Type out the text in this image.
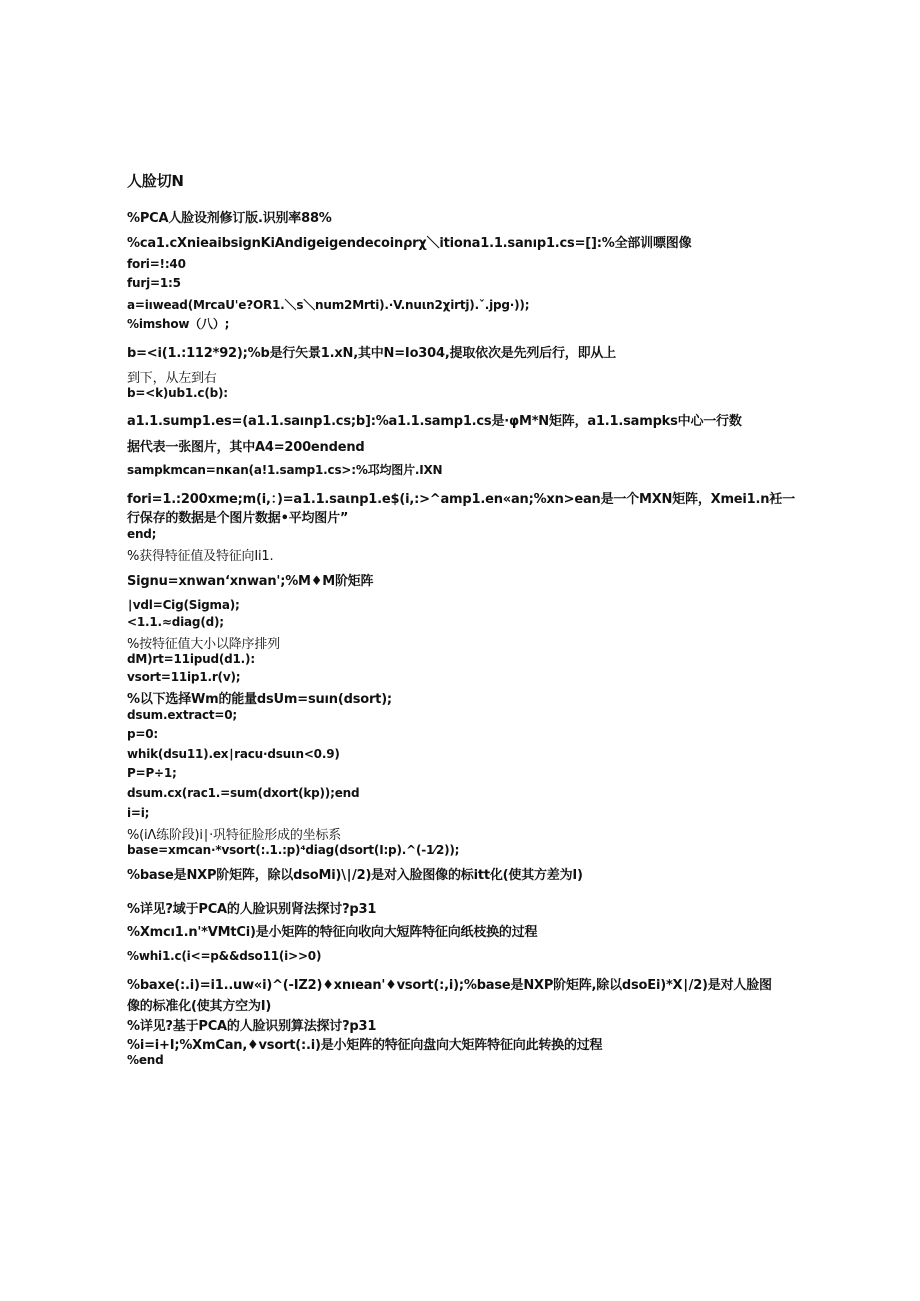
人脸切N
%PCA人脸设剂修订版.识别率88%
%ca1.cXnieaibsignKiAndigeigendecoinρrχ＼itiona1.1.sanıp1.cs=[]:%全部训嘌图像
fori=!:40
furj=1:5
a=iıwead(MrcaU'e?OR1.＼s＼num2Mrti).·V.nuιn2χirtj).ˇ.jpg·));
%imshow（八）;
b=<i(1.:112*92);%b是行矢景1.xN,其中N=Io304,提取依次是先列后行，即从上
到下，从左到右
b=<k)ub1.c(b):
a1.1.sump1.es=(a1.1.saınp1.cs;b]:%a1.1.samp1.cs是·φM*N矩阵，a1.1.sampks中心一行数
据代表一张图片，其中A4=200endend
sampkmcan=nκan(a!1.samp1.cs>:%邛均图片.IXN
fori=1.:200xme;m(i,：)=a1.1.saιnp1.e$(i,:>^amp1.en«an;%xn>ean是一个MXN矩阵，Xmei1.n衽一
行保存的数据是个图片数据•平均图片”
end;
%获得特征值及特征向Ii1.
Signu=xnwan‘xnwan';%M♦M阶矩阵
∣vdl=Cig(Sigma);
<1.1.≈diag(d);
%按特征值大小以降序排列
dM)rt=11ipud(d1.):
vsort=11ip1.r(v);
%以下选择Wm的能量dsUm=suın(dsort);
dsum.extract=0;
p=0:
whik(dsu11).ex∣racu·dsuιn<0.9)
P=P÷1;
dsum.cx(rac1.=sum(dxort(kp));end
i=i;
%(iΛ练阶段)i∣·巩特征脸形成的坐标系
base=xmcan·*vsort(:.1.:p)⁴diag(dsort(I:p).^(-1⁄2));
%base是NXP阶矩阵，除以dsoMi)\∣/2)是对入脸图像的标itt化(使其方差为I)
%详见?域于PCA的人脸识别肾法探讨?p31
%Xmcı1.n'*VMtCi)是小矩阵的特征向收向大短阵特征向纸枝换的过程
%whi1.c(i<=p&&dso11(i>>0)
%baxe(:.i)=i1..uw«i)^(-IZ2)♦xnıean'♦vsort(:,i);%base是NXP阶矩阵,除以dsoEi)*X∣/2)是对人脸图
像的标准化(使其方空为I)
%详见?基于PCA的人脸识别算法探讨?p31
%i=i+I;%XmCan,♦vsort(:.i)是小矩阵的特征向盘向大矩阵特征向此转换的过程
%end
